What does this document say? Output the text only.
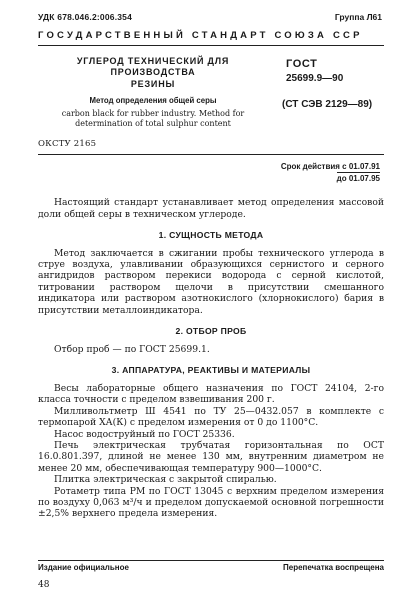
УДК 678.046.2:006.354	Группа Л61
ГОСУДАРСТВЕННЫЙ СТАНДАРТ СОЮЗА ССР
УГЛЕРОД ТЕХНИЧЕСКИЙ ДЛЯ ПРОИЗВОДСТВА
РЕЗИНЫ
Метод определения общей серы
carbon black for rubber industry. Method for
determination of total sulphur content
ГОСТ
25699.9—90
(СТ СЭВ 2129—89)
ОКСТУ 2165
Срок действия с 01.07.91
до 01.07.95

Настоящий стандарт устанавливает метод определения массовой доли общей серы в техническом углероде.

1. СУЩНОСТЬ МЕТОДА

Метод заключается в сжигании пробы технического углерода в струе воздуха, улавливании образующихся сернистого и серного ангидридов раствором перекиси водорода с серной кислотой, титровании раствором щелочи в присутствии смешанного индикатора или раствором азотнокислого (хлорнокислого) бария в присутствии металлоиндикатора.

2. ОТБОР ПРОБ

Отбор проб — по ГОСТ 25699.1.

3. АППАРАТУРА, РЕАКТИВЫ И МАТЕРИАЛЫ

Весы лабораторные общего назначения по ГОСТ 24104, 2-го класса точности с пределом взвешивания 200 г.

Милливольтметр Ш 4541 по ТУ 25—0432.057 в комплекте с термопарой ХА(К) с пределом измерения от 0 до 1100°С.

Насос водоструйный по ГОСТ 25336.

Печь электрическая трубчатая горизонтальная по ОСТ 16.0.801.397, длиной не менее 130 мм, внутренним диаметром не менее 20 мм, обеспечивающая температуру 900—1000°С.

Плитка электрическая с закрытой спиралью.

Ротаметр типа РМ по ГОСТ 13045 с верхним пределом измерения по воздуху 0,063 м³/ч и пределом допускаемой основной погрешности ±2,5% верхнего предела измерения.

Издание официальное	Перепечатка воспрещена
48
